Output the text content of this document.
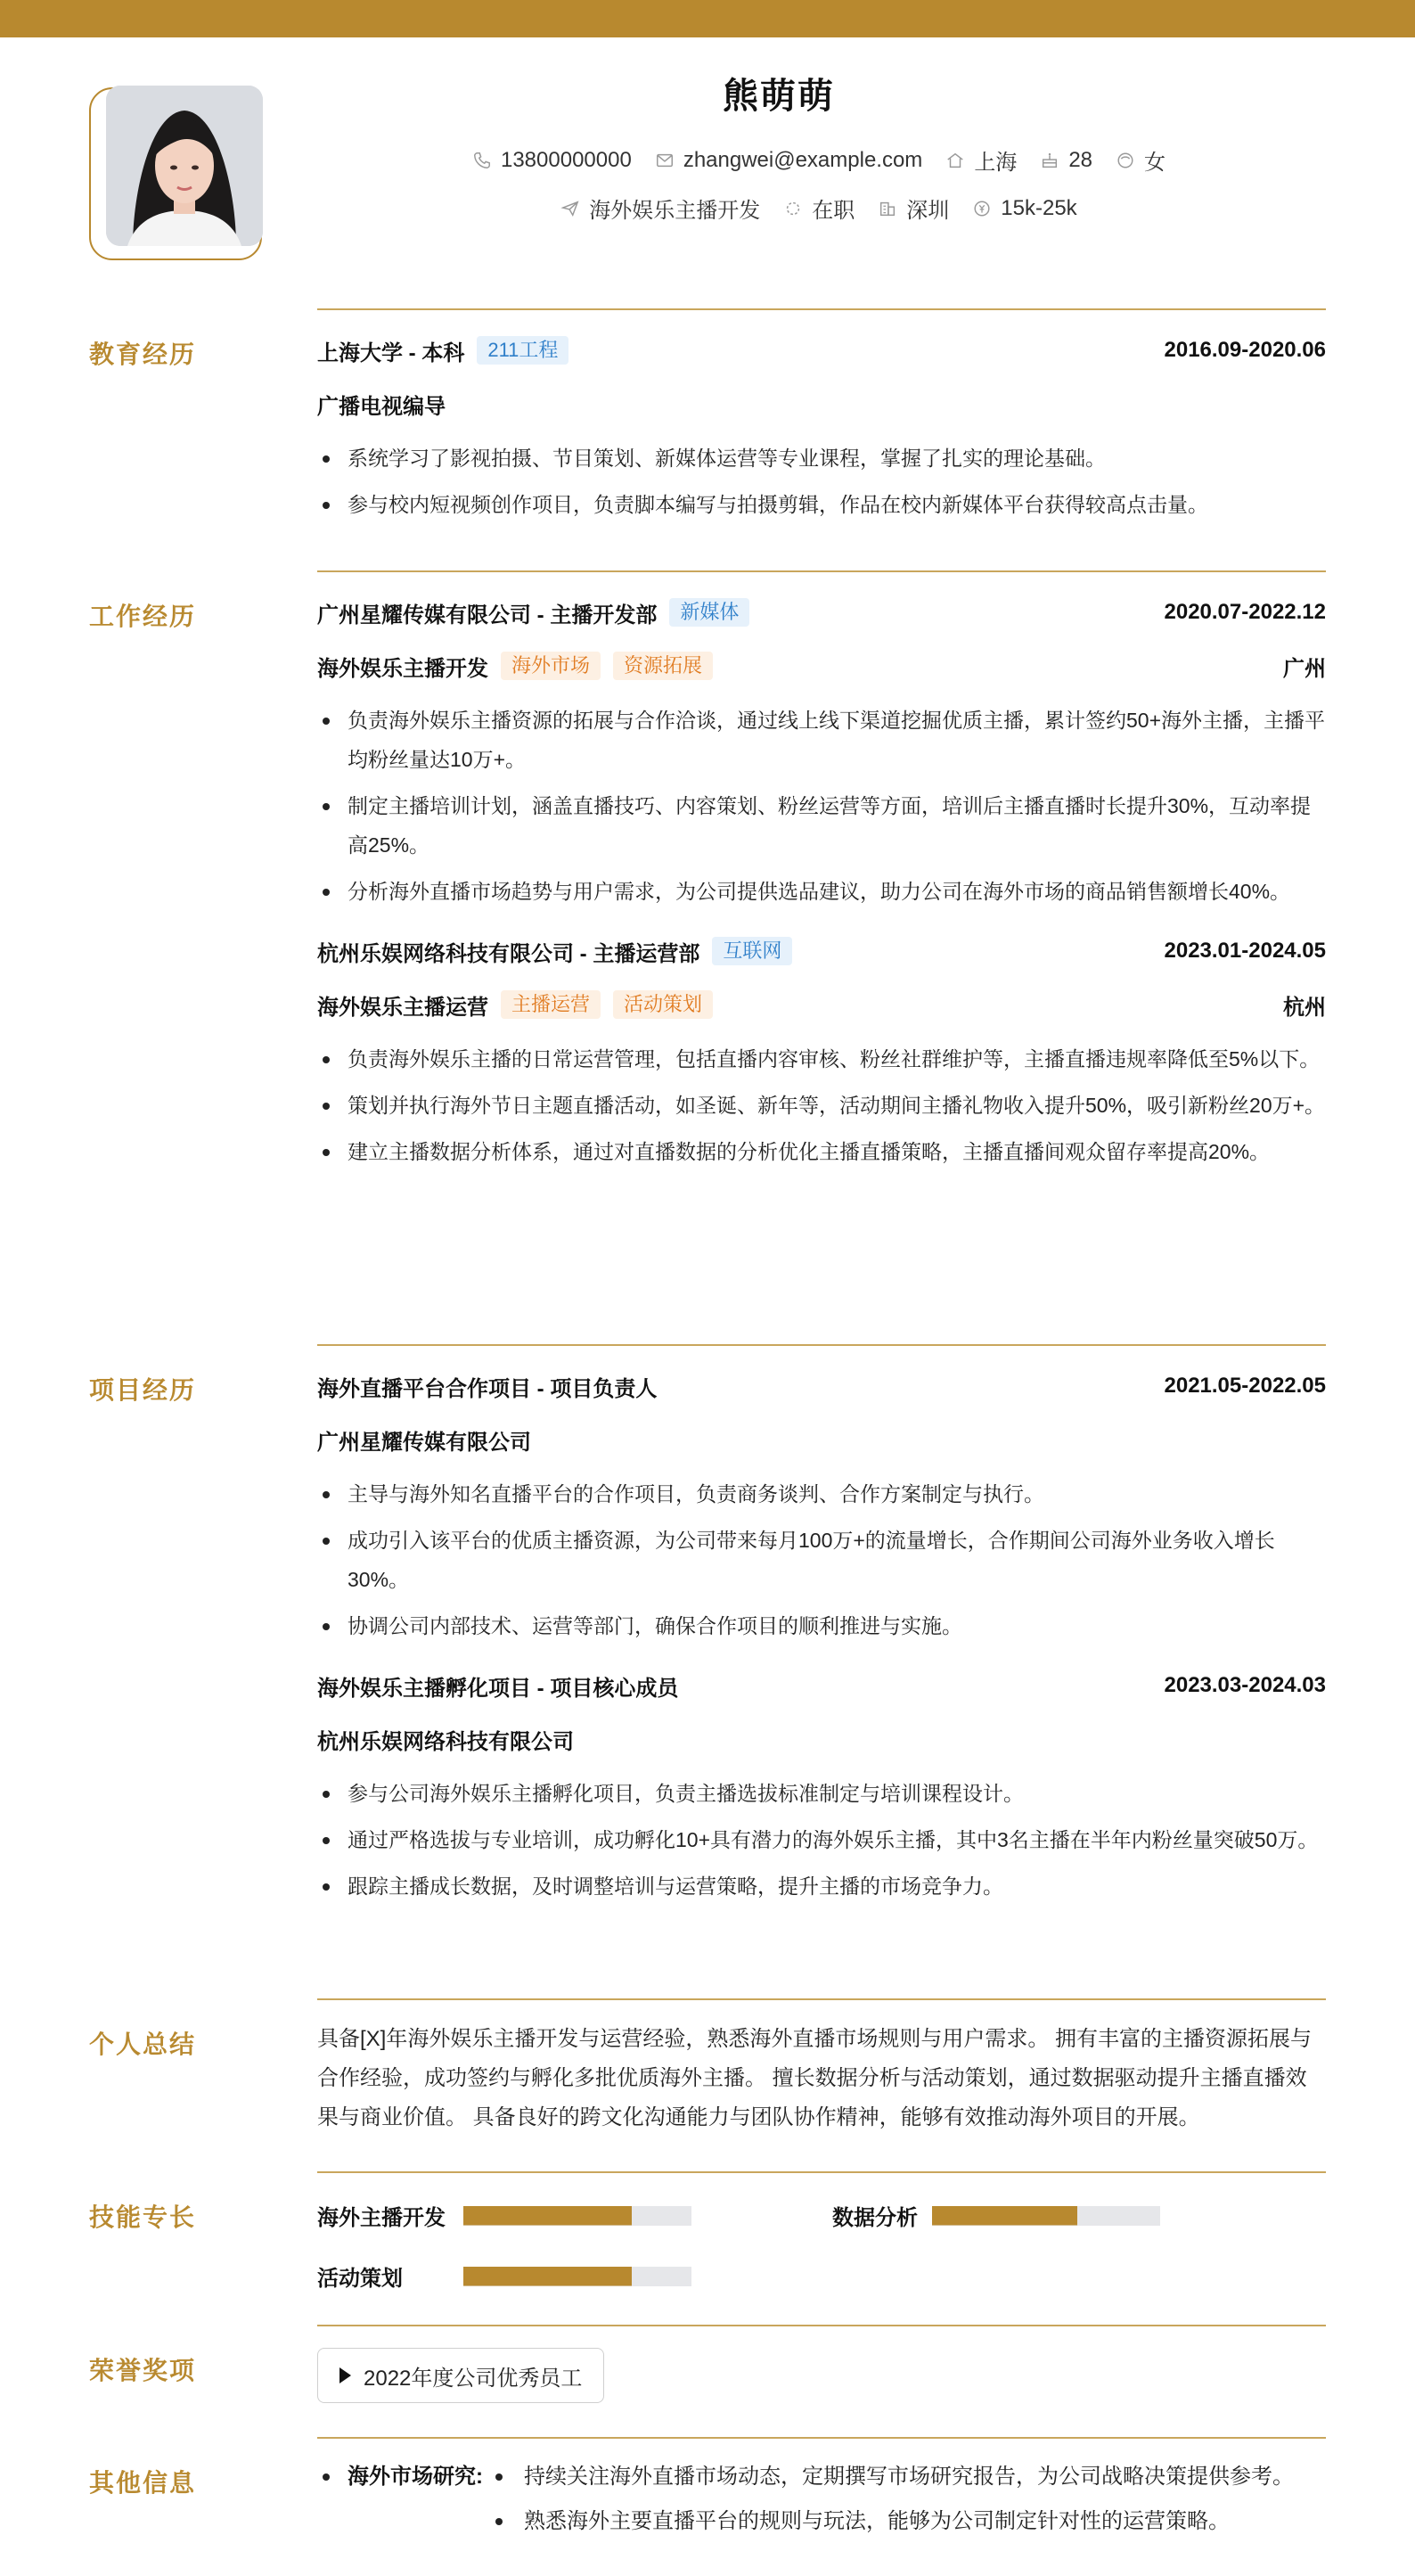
熊萌萌
13800000000 zhangwei@example.com 上海 28 女
海外娱乐主播开发 在职 深圳 15k-25k
教育经历	上海大学 - 本科	211工程	2016.09-2020.06
广播电视编导
系统学习了影视拍摄、节目策划、新媒体运营等专业课程，掌握了扎实的理论基础。
参与校内短视频创作项目，负责脚本编写与拍摄剪辑，作品在校内新媒体平台获得较高点击量。
工作经历	广州星耀传媒有限公司 - 主播开发部	新媒体	2020.07-2022.12
海外娱乐主播开发	海外市场	资源拓展	广州
负责海外娱乐主播资源的拓展与合作洽谈，通过线上线下渠道挖掘优质主播，累计签约50+海外主播，主播平均粉丝量达10万+。
制定主播培训计划，涵盖直播技巧、内容策划、粉丝运营等方面，培训后主播直播时长提升30%，互动率提高25%。
分析海外直播市场趋势与用户需求，为公司提供选品建议，助力公司在海外市场的商品销售额增长40%。
杭州乐娱网络科技有限公司 - 主播运营部	互联网	2023.01-2024.05
海外娱乐主播运营	主播运营	活动策划	杭州
负责海外娱乐主播的日常运营管理，包括直播内容审核、粉丝社群维护等，主播直播违规率降低至5%以下。
策划并执行海外节日主题直播活动，如圣诞、新年等，活动期间主播礼物收入提升50%，吸引新粉丝20万+。
建立主播数据分析体系，通过对直播数据的分析优化主播直播策略，主播直播间观众留存率提高20%。
项目经历	海外直播平台合作项目 - 项目负责人	2021.05-2022.05
广州星耀传媒有限公司
主导与海外知名直播平台的合作项目，负责商务谈判、合作方案制定与执行。
成功引入该平台的优质主播资源，为公司带来每月100万+的流量增长，合作期间公司海外业务收入增长30%。
协调公司内部技术、运营等部门，确保合作项目的顺利推进与实施。
海外娱乐主播孵化项目 - 项目核心成员	2023.03-2024.03
杭州乐娱网络科技有限公司
参与公司海外娱乐主播孵化项目，负责主播选拔标准制定与培训课程设计。
通过严格选拔与专业培训，成功孵化10+具有潜力的海外娱乐主播，其中3名主播在半年内粉丝量突破50万。
跟踪主播成长数据，及时调整培训与运营策略，提升主播的市场竞争力。
个人总结	具备[X]年海外娱乐主播开发与运营经验，熟悉海外直播市场规则与用户需求。 拥有丰富的主播资源拓展与合作经验，成功签约与孵化多批优质海外主播。 擅长数据分析与活动策划，通过数据驱动提升主播直播效果与商业价值。 具备良好的跨文化沟通能力与团队协作精神，能够有效推动海外项目的开展。
技能专长	海外主播开发	数据分析
活动策划
荣誉奖项	2022年度公司优秀员工
其他信息	海外市场研究: 持续关注海外直播市场动态，定期撰写市场研究报告，为公司战略决策提供参考。
熟悉海外主要直播平台的规则与玩法，能够为公司制定针对性的运营策略。
